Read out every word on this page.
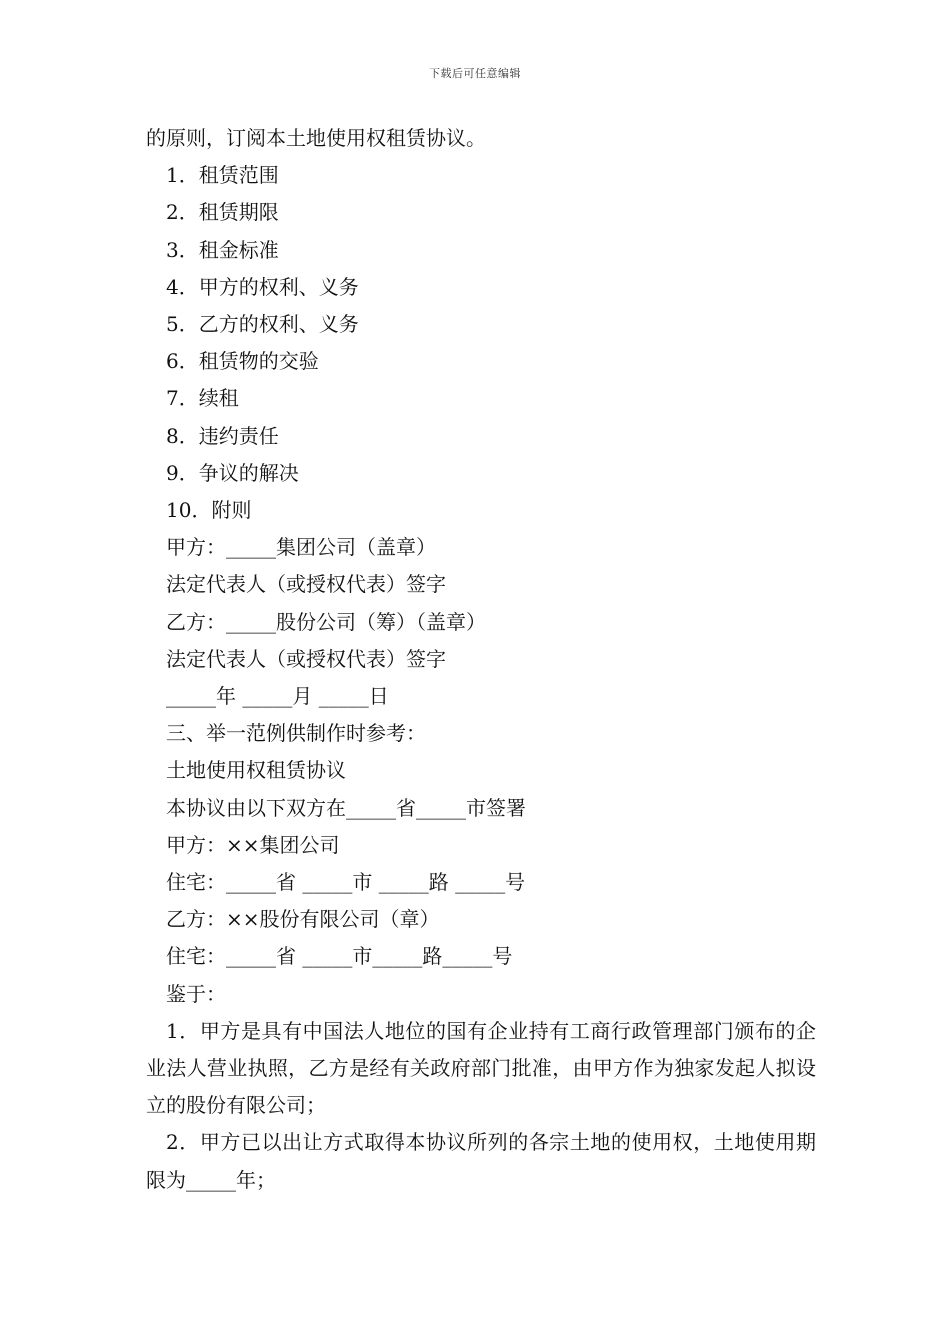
下载后可任意编辑

的原则，订阅本土地使用权租赁协议。

1．租赁范围

2．租赁期限

3．租金标准

4．甲方的权利、义务

5．乙方的权利、义务

6．租赁物的交验

7．续租

8．违约责任

9．争议的解决

10．附则

甲方：_____集团公司（盖章）

法定代表人（或授权代表）签字

乙方：_____股份公司（筹）（盖章）

法定代表人（或授权代表）签字

_____年 _____月 _____日

三、举一范例供制作时参考：

土地使用权租赁协议

本协议由以下双方在_____省_____市签署

甲方：××集团公司

住宅：_____省 _____市 _____路 _____号

乙方：××股份有限公司（章）

住宅：_____省 _____市_____路_____号

鉴于：

1．甲方是具有中国法人地位的国有企业持有工商行政管理部门颁布的企业法人营业执照，乙方是经有关政府部门批准，由甲方作为独家发起人拟设立的股份有限公司；

2．甲方已以出让方式取得本协议所列的各宗土地的使用权，土地使用期限为_____年；
